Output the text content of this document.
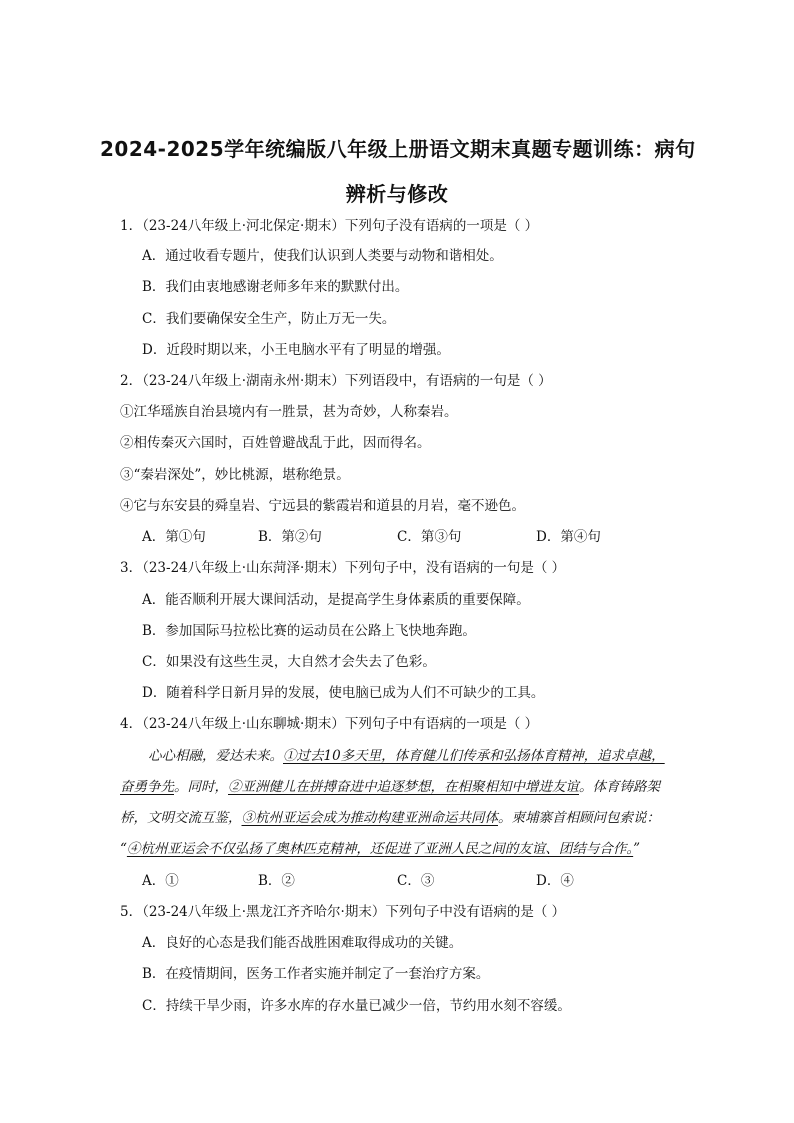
2024-2025学年统编版八年级上册语文期末真题专题训练：病句
辨析与修改
1．（23-24八年级上·河北保定·期末）下列句子没有语病的一项是（ ）
A．通过收看专题片，使我们认识到人类要与动物和谐相处。
B．我们由衷地感谢老师多年来的默默付出。
C．我们要确保安全生产，防止万无一失。
D．近段时期以来，小王电脑水平有了明显的增强。
2．（23-24八年级上·湖南永州·期末）下列语段中，有语病的一句是（ ）
①江华瑶族自治县境内有一胜景，甚为奇妙，人称秦岩。
②相传秦灭六国时，百姓曾避战乱于此，因而得名。
③“秦岩深处”，妙比桃源，堪称绝景。
④它与东安县的舜皇岩、宁远县的紫霞岩和道县的月岩，毫不逊色。
A．第①句	B．第②句	C．第③句	D．第④句
3．（23-24八年级上·山东菏泽·期末）下列句子中，没有语病的一句是（ ）
A．能否顺利开展大课间活动，是提高学生身体素质的重要保障。
B．参加国际马拉松比赛的运动员在公路上飞快地奔跑。
C．如果没有这些生灵，大自然才会失去了色彩。
D．随着科学日新月异的发展，使电脑已成为人们不可缺少的工具。
4．（23-24八年级上·山东聊城·期末）下列句子中有语病的一项是（ ）
心心相融，爱达未来。①过去10多天里，体育健儿们传承和弘扬体育精神，追求卓越，
奋勇争先。同时，②亚洲健儿在拼搏奋进中追逐梦想，在相聚相知中增进友谊。体育铸路架
桥，文明交流互鉴，③杭州亚运会成为推动构建亚洲命运共同体。柬埔寨首相顾问包索说：
“④杭州亚运会不仅弘扬了奥林匹克精神，还促进了亚洲人民之间的友谊、团结与合作。”
A．①	B．②	C．③	D．④
5．（23-24八年级上·黑龙江齐齐哈尔·期末）下列句子中没有语病的是（ ）
A．良好的心态是我们能否战胜困难取得成功的关键。
B．在疫情期间，医务工作者实施并制定了一套治疗方案。
C．持续干旱少雨，许多水库的存水量已减少一倍，节约用水刻不容缓。
